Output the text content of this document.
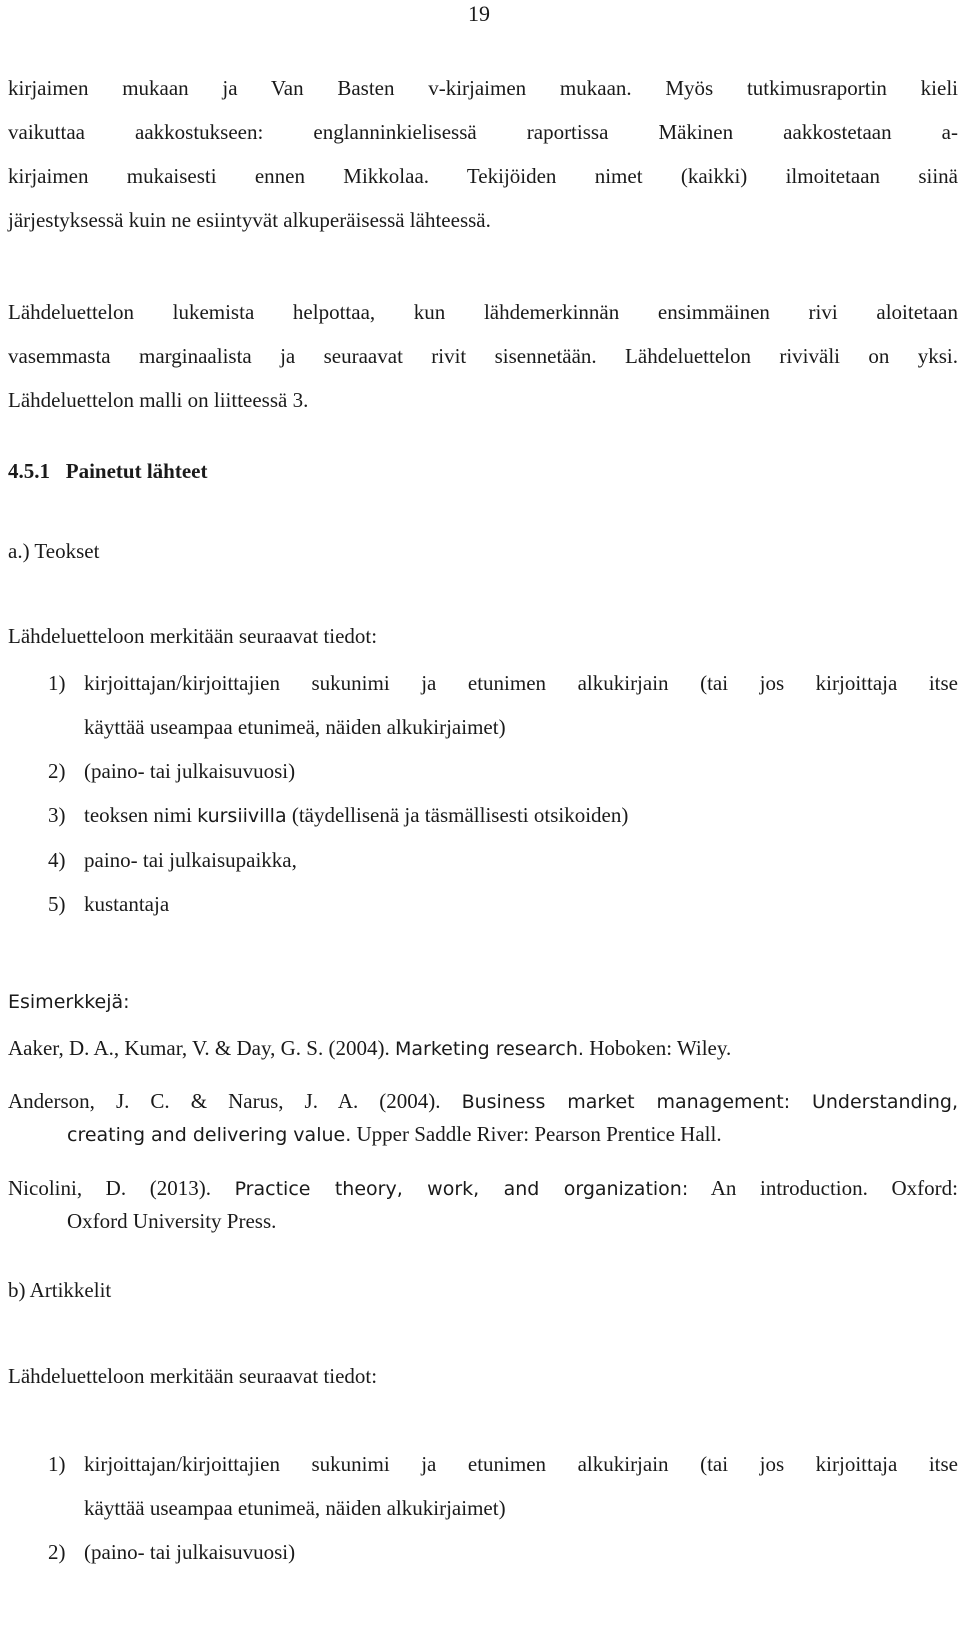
19
kirjaimen mukaan ja Van Basten v-kirjaimen mukaan. Myös tutkimusraportin kieli
vaikuttaa aakkostukseen: englanninkielisessä raportissa Mäkinen aakkostetaan a-
kirjaimen mukaisesti ennen Mikkolaa. Tekijöiden nimet (kaikki) ilmoitetaan siinä
järjestyksessä kuin ne esiintyvät alkuperäisessä lähteessä.
Lähdeluettelon lukemista helpottaa, kun lähdemerkinnän ensimmäinen rivi aloitetaan
vasemmasta marginaalista ja seuraavat rivit sisennetään. Lähdeluettelon riviväli on yksi.
Lähdeluettelon malli on liitteessä 3.
4.5.1   Painetut lähteet
a.) Teokset
Lähdeluetteloon merkitään seuraavat tiedot:
1) kirjoittajan/kirjoittajien sukunimi ja etunimen alkukirjain (tai jos kirjoittaja itse
käyttää useampaa etunimeä, näiden alkukirjaimet)
2) (paino- tai julkaisuvuosi)
3) teoksen nimi kursiivilla (täydellisenä ja täsmällisesti otsikoiden)
4) paino- tai julkaisupaikka,
5) kustantaja
Esimerkkejä:
Aaker, D. A., Kumar, V. & Day, G. S. (2004). Marketing research. Hoboken: Wiley.
Anderson, J. C. & Narus, J. A. (2004). Business market management: Understanding,
creating and delivering value. Upper Saddle River: Pearson Prentice Hall.
Nicolini, D. (2013). Practice theory, work, and organization: An introduction. Oxford:
Oxford University Press.
b) Artikkelit
Lähdeluetteloon merkitään seuraavat tiedot:
1) kirjoittajan/kirjoittajien sukunimi ja etunimen alkukirjain (tai jos kirjoittaja itse
käyttää useampaa etunimeä, näiden alkukirjaimet)
2) (paino- tai julkaisuvuosi)
